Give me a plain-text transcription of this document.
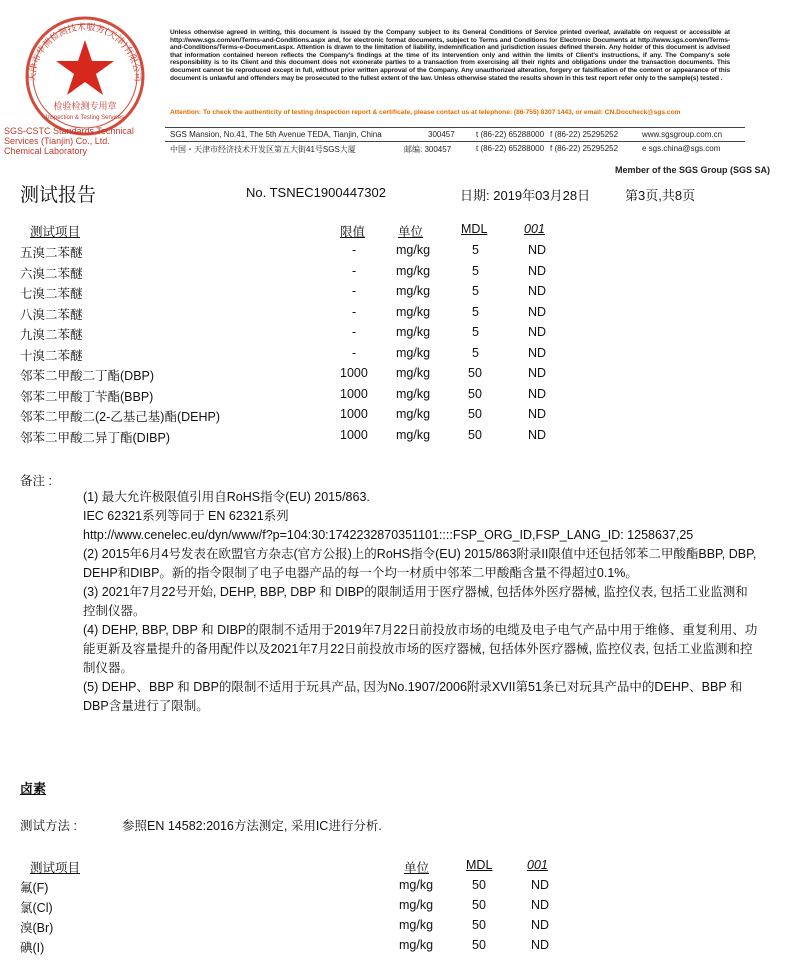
检验检测专用章
Inspection & Testing Services
天津市华测检测技术服务(天津)有限公司
SGS-CSTC Standards Technical Services (Tianjin) Co., Ltd.
Chemical Laboratory
Unless otherwise agreed in writing, this document is issued by the Company subject to its General Conditions of Service printed overleaf, available on request or accessible at http://www.sgs.com/en/Terms-and-Conditions.aspx and, for electronic format documents, subject to Terms and Conditions for Electronic Documents at http://www.sgs.com/en/Terms-and-Conditions/Terms-e-Document.aspx. Attention is drawn to the limitation of liability, indemnification and jurisdiction issues defined therein. Any holder of this document is advised that information contained hereon reflects the Company's findings at the time of its intervention only and within the limits of Client's instructions, if any. The Company's sole responsibility is to its Client and this document does not exonerate parties to a transaction from exercising all their rights and obligations under the transaction documents. This document cannot be reproduced except in full, without prior written approval of the Company. Any unauthorized alteration, forgery or falsification of the content or appearance of this document is unlawful and offenders may be prosecuted to the fullest extent of the law. Unless otherwise stated the results shown in this test report refer only to the sample(s) tested .
Attention: To check the authenticity of testing /inspection report & certificate, please contact us at telephone: (86-755) 8307 1443, or email: CN.Doccheck@sgs.com
SGS Mansion, No.41, The 5th Avenue TEDA, Tianjin, China	300457	t (86-22) 65288000 f (86-22) 25295252	www.sgsgroup.com.cn
中国・天津市经济技术开发区第五大街41号SGS大厦	邮编: 300457	t (86-22) 65288000 f (86-22) 25295252	e sgs.china@sgs.com
Member of the SGS Group (SGS SA)
测试报告	No. TSNEC1900447302	日期: 2019年03月28日	第3页,共8页
测试项目	限值	单位	MDL	001
五溴二苯醚	-	mg/kg	5	ND
六溴二苯醚	-	mg/kg	5	ND
七溴二苯醚	-	mg/kg	5	ND
八溴二苯醚	-	mg/kg	5	ND
九溴二苯醚	-	mg/kg	5	ND
十溴二苯醚	-	mg/kg	5	ND
邻苯二甲酸二丁酯(DBP)	1000 mg/kg	50	ND
邻苯二甲酸丁苄酯(BBP)	1000 mg/kg	50	ND
邻苯二甲酸二(2-乙基己基)酯(DEHP)	1000 mg/kg	50	ND
邻苯二甲酸二异丁酯(DIBP)	1000 mg/kg	50	ND
备注 :

(1) 最大允许极限值引用自RoHS指令(EU) 2015/863.

IEC 62321系列等同于 EN 62321系列

http://www.cenelec.eu/dyn/www/f?p=104:30:1742232870351101::::FSP_ORG_ID,FSP_LANG_ID: 1258637,25

(2) 2015年6月4号发表在欧盟官方杂志(官方公报)上的RoHS指令(EU) 2015/863附录II限值中还包括邻苯二甲酸酯BBP, DBP, DEHP和DIBP。新的指令限制了电子电器产品的每一个均一材质中邻苯二甲酸酯含量不得超过0.1%。

(3) 2021年7月22号开始, DEHP, BBP, DBP 和 DIBP的限制适用于医疗器械, 包括体外医疗器械, 监控仪表, 包括工业监测和控制仪器。

(4) DEHP, BBP, DBP 和 DIBP的限制不适用于2019年7月22日前投放市场的电缆及电子电气产品中用于维修、重复利用、功能更新及容量提升的备用配件以及2021年7月22日前投放市场的医疗器械, 包括体外医疗器械, 监控仪表, 包括工业监测和控制仪器。

(5) DEHP、BBP 和 DBP的限制不适用于玩具产品, 因为No.1907/2006附录XVII第51条已对玩具产品中的DEHP、BBP 和 DBP含量进行了限制。

卤素
测试方法 :	参照EN 14582:2016方法测定, 采用IC进行分析.
测试项目	单位	MDL	001
氟(F)	mg/kg	50	ND
氯(Cl)	mg/kg	50	ND
溴(Br)	mg/kg	50	ND
碘(I)	mg/kg	50	ND
